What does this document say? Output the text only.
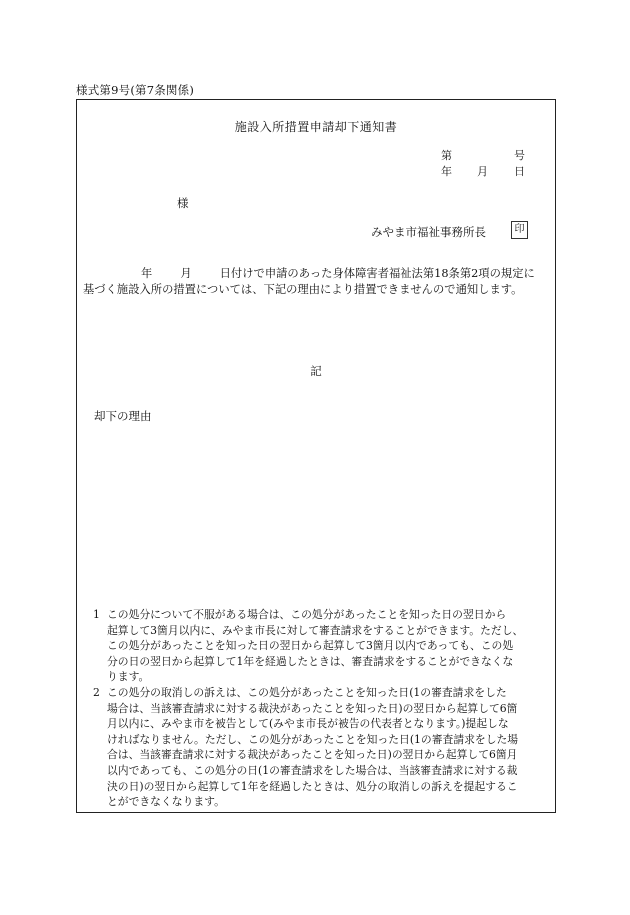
様式第9号(第7条関係)
施設入所措置申請却下通知書
第	号
年 月 日
様
みやま市福祉事務所長	印
年 月 日付けで申請のあった身体障害者福祉法第18条第2項の規定に
基づく施設入所の措置については、下記の理由により措置できませんので通知します。
記
却下の理由
1 この処分について不服がある場合は、この処分があったことを知った日の翌日から
起算して3箇月以内に、みやま市長に対して審査請求をすることができます。ただし、
この処分があったことを知った日の翌日から起算して3箇月以内であっても、この処
分の日の翌日から起算して1年を経過したときは、審査請求をすることができなくな
ります。
2 この処分の取消しの訴えは、この処分があったことを知った日(1の審査請求をした
場合は、当該審査請求に対する裁決があったことを知った日)の翌日から起算して6箇
月以内に、みやま市を被告として(みやま市長が被告の代表者となります。)提起しな
ければなりません。ただし、この処分があったことを知った日(1の審査請求をした場
合は、当該審査請求に対する裁決があったことを知った日)の翌日から起算して6箇月
以内であっても、この処分の日(1の審査請求をした場合は、当該審査請求に対する裁
決の日)の翌日から起算して1年を経過したときは、処分の取消しの訴えを提起するこ
とができなくなります。
